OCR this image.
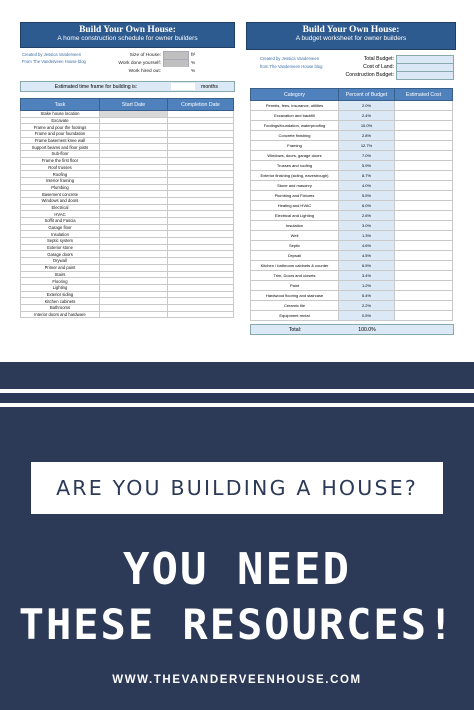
Build Your Own House:
A home construction schedule for owner builders
Created by Jessica Vanderveen
From The Vanderveen House blog
Size of House:	ft²
Work done yourself:	%
Work hired out:	%
Estimated time frame for building is:	months
Task	Start Date	Completion Date
Stake house location		
Excavate		
Frame and pour the footings		
Frame and pour foundation		
Frame basement knee wall		
Support beams and floor joists		
Sub-floor		
Frame the first floor		
Roof trusses		
Roofing		
Interior framing		
Plumbing		
Basement concrete		
Windows and doors		
Electrical		
HVAC		
Soffit and Fascia		
Garage floor		
Insulation		
Septic system		
Exterior stone		
Garage doors		
Drywall		
Primer and paint		
Stairs		
Flooring		
Lighting		
Exterior siding		
Kitchen cabinets		
Bathrooms		
Interior doors and hardware		
Build Your Own House:
A budget worksheet for owner builders
Created by Jessica Vanderveen
from The Vanderveen House blog
Total Budget:
Cost of Land:
Construction Budget:
Category	Percent of Budget	Estimated Cost
Permits, fees, insurance, utilities	2.0%	
Excavation and backfill	2.4%	
Footings/foundation, waterproofing	10.0%	
Concrete finishing	2.8%	
Framing	12.7%	
Windows, doors, garage doors	7.0%	
Trusses and roofing	5.9%	
Exterior finishing (siding, eavestrough)	8.7%	
Stone and masonry	4.0%	
Plumbing and Fixtures	5.5%	
Heating and HVAC	6.0%	
Electrical and Lighting	2.6%	
Insulation	3.0%	
Well	1.3%	
Septic	4.6%	
Drywall	4.5%	
Kitchen / bathroom cabinets & counter	6.5%	
Trim, Doors and closets	3.4%	
Paint	1.2%	
Hardwood flooring and staircase	5.4%	
Ceramic tile	2.2%	
Equipment rental	0.5%	
Total:	100.0%
ARE YOU BUILDING A HOUSE?
YOU NEED
THESE RESOURCES!
WWW.THEVANDERVEENHOUSE.COM
